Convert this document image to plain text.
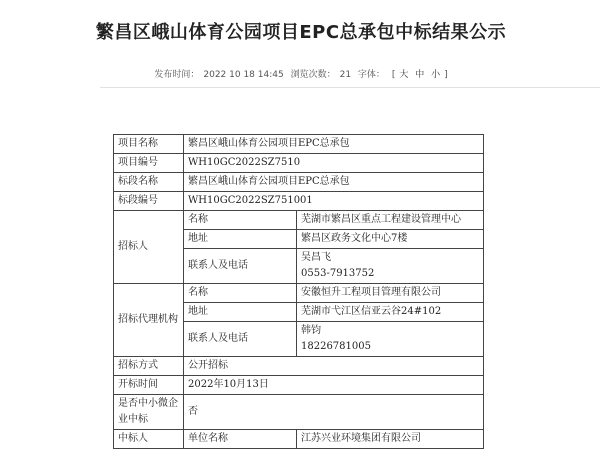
繁昌区峨山体育公园项目EPC总承包中标结果公示
发布时间： 2022 10 18 14:45 浏览次数： 21 字体： [ 大 中 小 ]
项目名称	繁昌区峨山体育公园项目EPC总承包	
项目编号	WH10GC2022SZ7510	
标段名称	繁昌区峨山体育公园项目EPC总承包	
标段编号	WH10GC2022SZ751001	
招标人	名称	芜湖市繁昌区重点工程建设管理中心
	地址	繁昌区政务文化中心7楼
	联系人及电话	吴昌飞
0553-7913752

招标代理机构	名称	安徽恒升工程项目管理有限公司
	地址	芜湖市弋江区信亚云谷24#102
	联系人及电话	韩钧
18226781005

招标方式	公开招标	
开标时间	2022年10月13日	
是否中小微企业中标	否	
中标人	单位名称	江苏兴业环境集团有限公司
